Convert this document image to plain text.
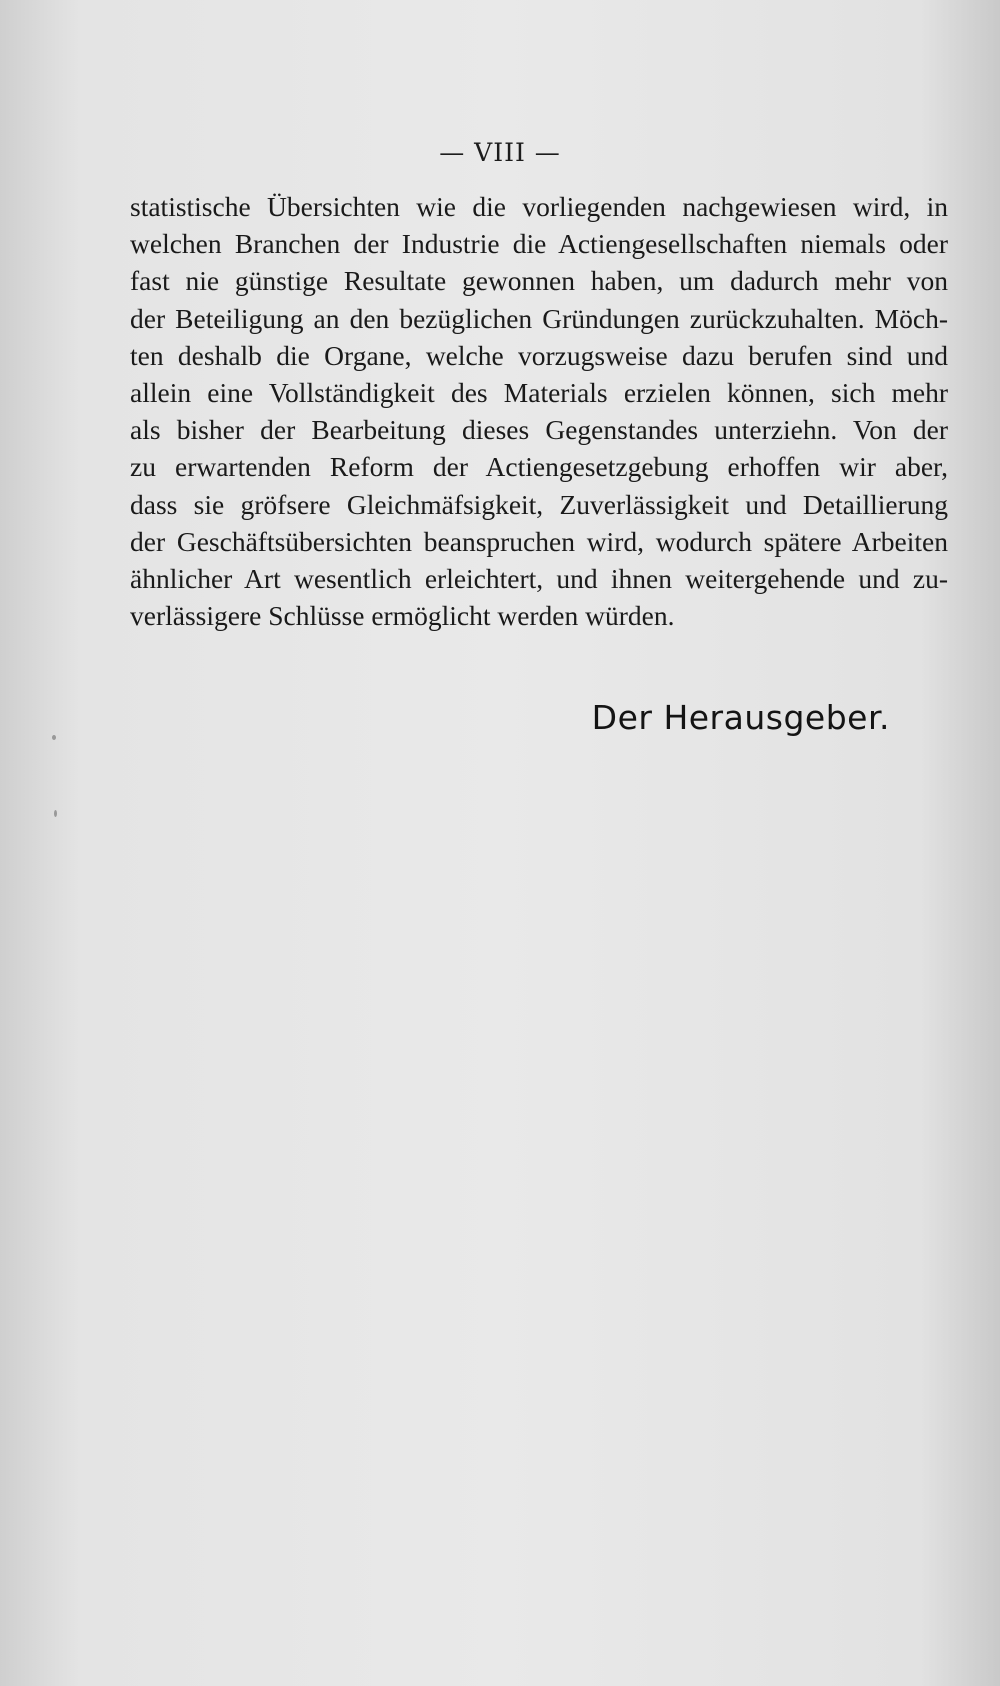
— VIII —
statistische Übersichten wie die vorliegenden nachgewiesen wird, in
welchen Branchen der Industrie die Actiengesellschaften niemals oder
fast nie günstige Resultate gewonnen haben, um dadurch mehr von
der Beteiligung an den bezüglichen Gründungen zurückzuhalten. Möch-
ten deshalb die Organe, welche vorzugsweise dazu berufen sind und
allein eine Vollständigkeit des Materials erzielen können, sich mehr
als bisher der Bearbeitung dieses Gegenstandes unterziehn. Von der
zu erwartenden Reform der Actiengesetzgebung erhoffen wir aber,
dass sie gröfsere Gleichmäfsigkeit, Zuverlässigkeit und Detaillierung
der Geschäftsübersichten beanspruchen wird, wodurch spätere Arbeiten
ähnlicher Art wesentlich erleichtert, und ihnen weitergehende und zu-
verlässigere Schlüsse ermöglicht werden würden.
Der Herausgeber.
